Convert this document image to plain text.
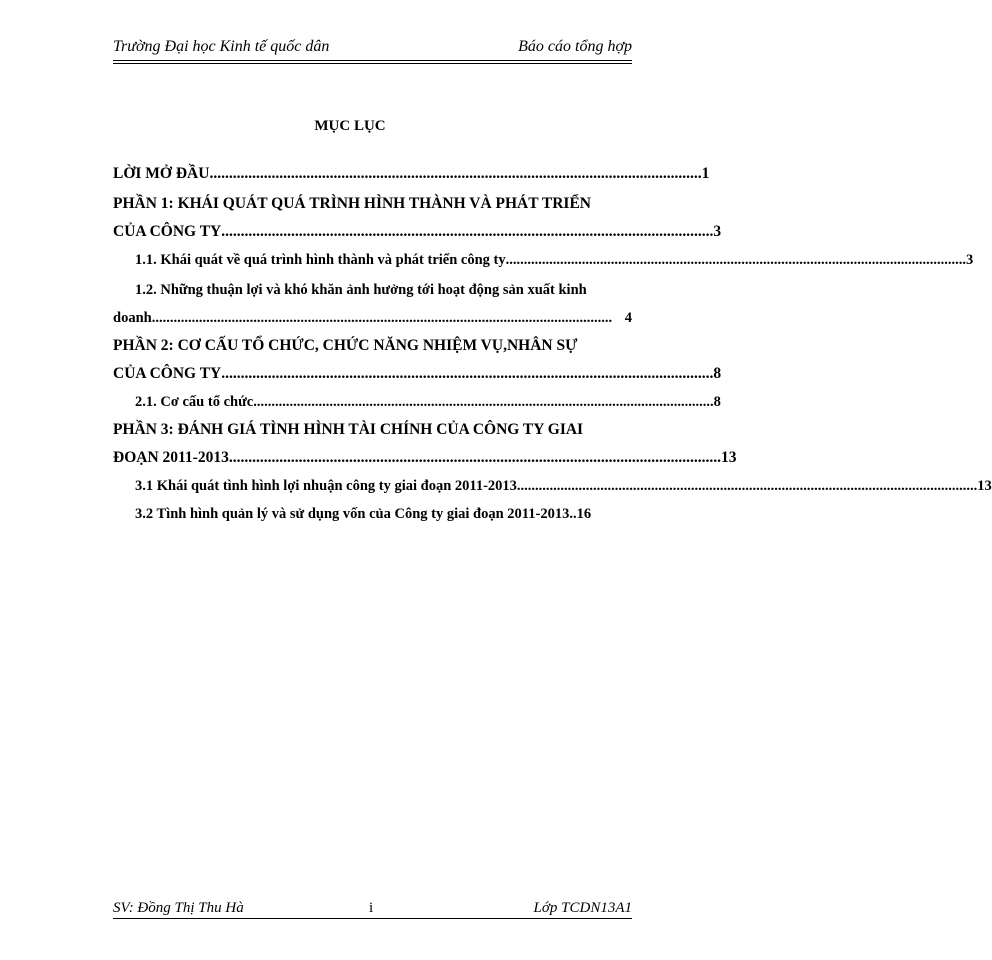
Trường Đại học Kinh tế quốc dân	Báo cáo tổng hợp
MỤC LỤC
LỜI MỞ ĐẦU ............................................................................................................................... 1
PHẦN 1: KHÁI QUÁT QUÁ TRÌNH HÌNH THÀNH VÀ PHÁT TRIỂN
CỦA CÔNG TY ............................................................................................................................... 3
1.1. Khái quát về quá trình hình thành và phát triển công ty ............................................................................................................................... 3
1.2. Những thuận lợi và khó khăn ảnh hưởng tới hoạt động sản xuất kinh
doanh ............................................................................................................................... 4
PHẦN 2: CƠ CẤU TỔ CHỨC, CHỨC NĂNG NHIỆM VỤ,NHÂN SỰ
CỦA CÔNG TY ............................................................................................................................... 8
2.1. Cơ cấu tổ chức ............................................................................................................................... 8
PHẦN 3: ĐÁNH GIÁ TÌNH HÌNH TÀI CHÍNH CỦA CÔNG TY GIAI
ĐOẠN 2011-2013 ............................................................................................................................... 13
3.1 Khái quát tình hình lợi nhuận công ty giai đoạn 2011-2013 ............................................................................................................................... 13
3.2 Tình hình quản lý và sử dụng vốn của Công ty giai đoạn 2011-2013.. 16
SV: Đồng Thị Thu Hà	i	Lớp TCDN13A1
